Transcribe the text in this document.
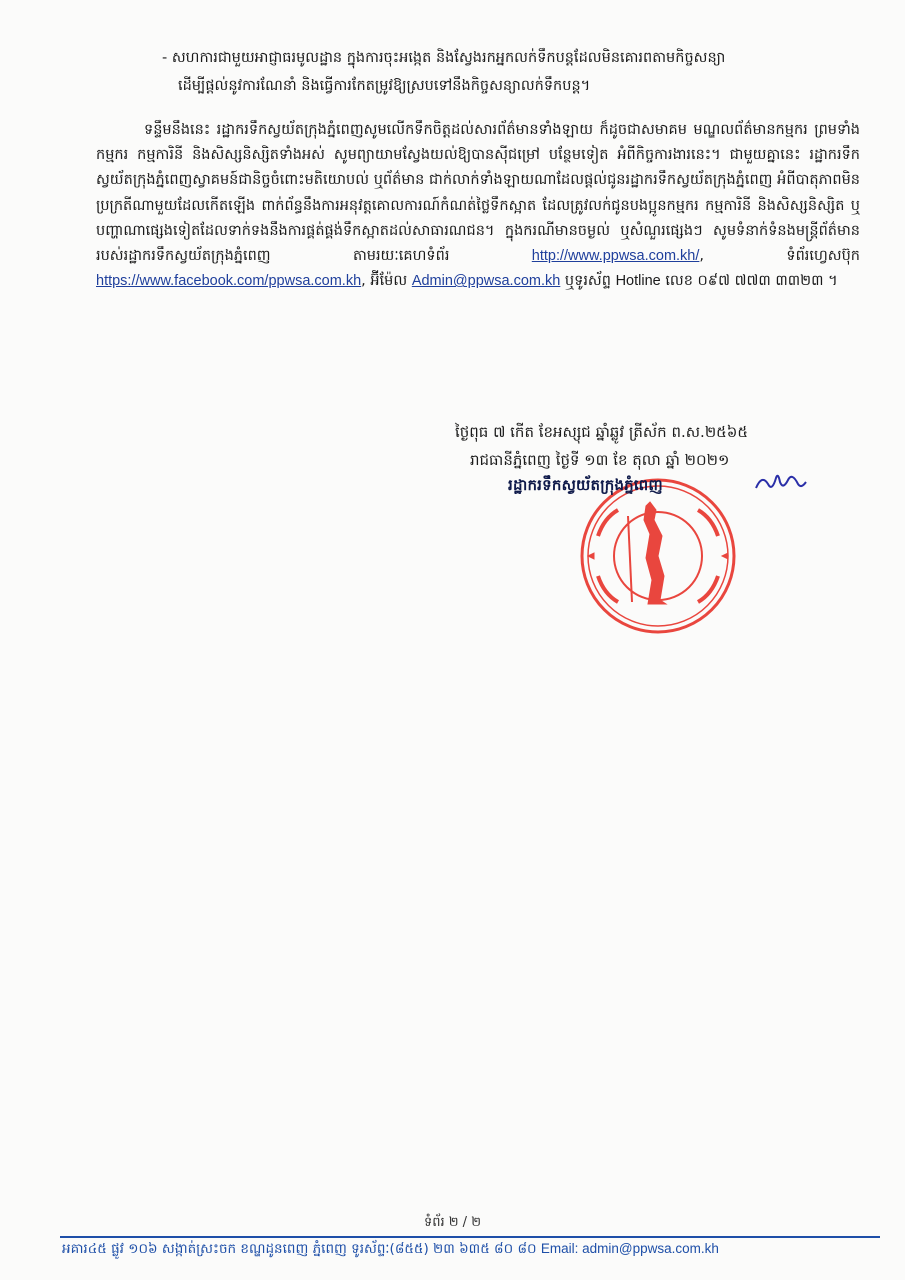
- សហការជាមួយអាជ្ញាធរមូលដ្ឋាន ក្នុងការចុះអង្កេត និងស្វែងរកអ្នកលក់ទឹកបន្តដែលមិនគោរពតាមកិច្ចសន្យា
ដើម្បីផ្តល់នូវការណែនាំ និងធ្វើការកែតម្រូវឱ្យស្របទៅនឹងកិច្ចសន្យាលក់ទឹកបន្ត។
ទន្ទឹមនឹងនេះ រដ្ឋាករទឹកស្វយ័តក្រុងភ្នំពេញសូមលើកទឹកចិត្តដល់សារព័ត៌មានទាំងឡាយ ក៏ដូចជាសមាគម មណ្ឌលព័ត៌មានកម្មករ ព្រមទាំងកម្មករ កម្មការិនី និងសិស្សនិស្សិតទាំងអស់ សូមព្យាយាមស្វែងយល់ឱ្យបានស៊ីជម្រៅ បន្ថែមទៀត អំពីកិច្ចការងារនេះ។ ជាមួយគ្នានេះ រដ្ឋាករទឹកស្វយ័តក្រុងភ្នំពេញស្វាគមន៍ជានិច្ចចំពោះមតិយោបល់ ឬព័ត៌មាន ជាក់លាក់ទាំងឡាយណាដែលផ្តល់ជូនរដ្ឋាករទឹកស្វយ័តក្រុងភ្នំពេញ អំពីបាតុភាពមិនប្រក្រតីណាមួយដែលកើតឡើង ពាក់ព័ន្ធនឹងការអនុវត្តគោលការណ៍កំណត់ថ្លៃទឹកស្អាត ដែលត្រូវលក់ជូនបងប្អូនកម្មករ កម្មការិនី និងសិស្សនិស្សិត ឬ បញ្ហាណាផ្សេងទៀតដែលទាក់ទងនឹងការផ្គត់ផ្គង់ទឹកស្អាតដល់សាធារណជន។ ក្នុងករណីមានចម្ងល់ ឬសំណួរផ្សេងៗ សូមទំនាក់ទំនងមន្ត្រីព័ត៌មានរបស់រដ្ឋាករទឹកស្វយ័តក្រុងភ្នំពេញ តាមរយៈគេហទំព័រ	http://www.ppwsa.com.kh/,	ទំព័រហ្វេសប៊ុក https://www.facebook.com/ppwsa.com.kh, អ៊ីម៉ែល Admin@ppwsa.com.kh ឬទូរស័ព្ទ Hotline លេខ ០៩៧ ៧៧៣ ៣៣២៣ ។
ថ្ងៃពុធ ៧ កើត ខែអស្សុជ ឆ្នាំឆ្លូវ ត្រីស័ក ព.ស.២៥៦៥
រាជធានីភ្នំពេញ ថ្ងៃទី ១៣ ខែ តុលា ឆ្នាំ ២០២១
រដ្ឋាករទឹកស្វយ័តក្រុងភ្នំពេញ
ទំព័រ ២ / ២
អគារ៤៥ ផ្លូវ ១០៦ សង្កាត់ស្រះចក ខណ្ឌដូនពេញ ភ្នំពេញ ទូរស័ព្ទៈ(៨៥៥) ២៣ ៦៣៥ ៨០ ៨០ Email: admin@ppwsa.com.kh
